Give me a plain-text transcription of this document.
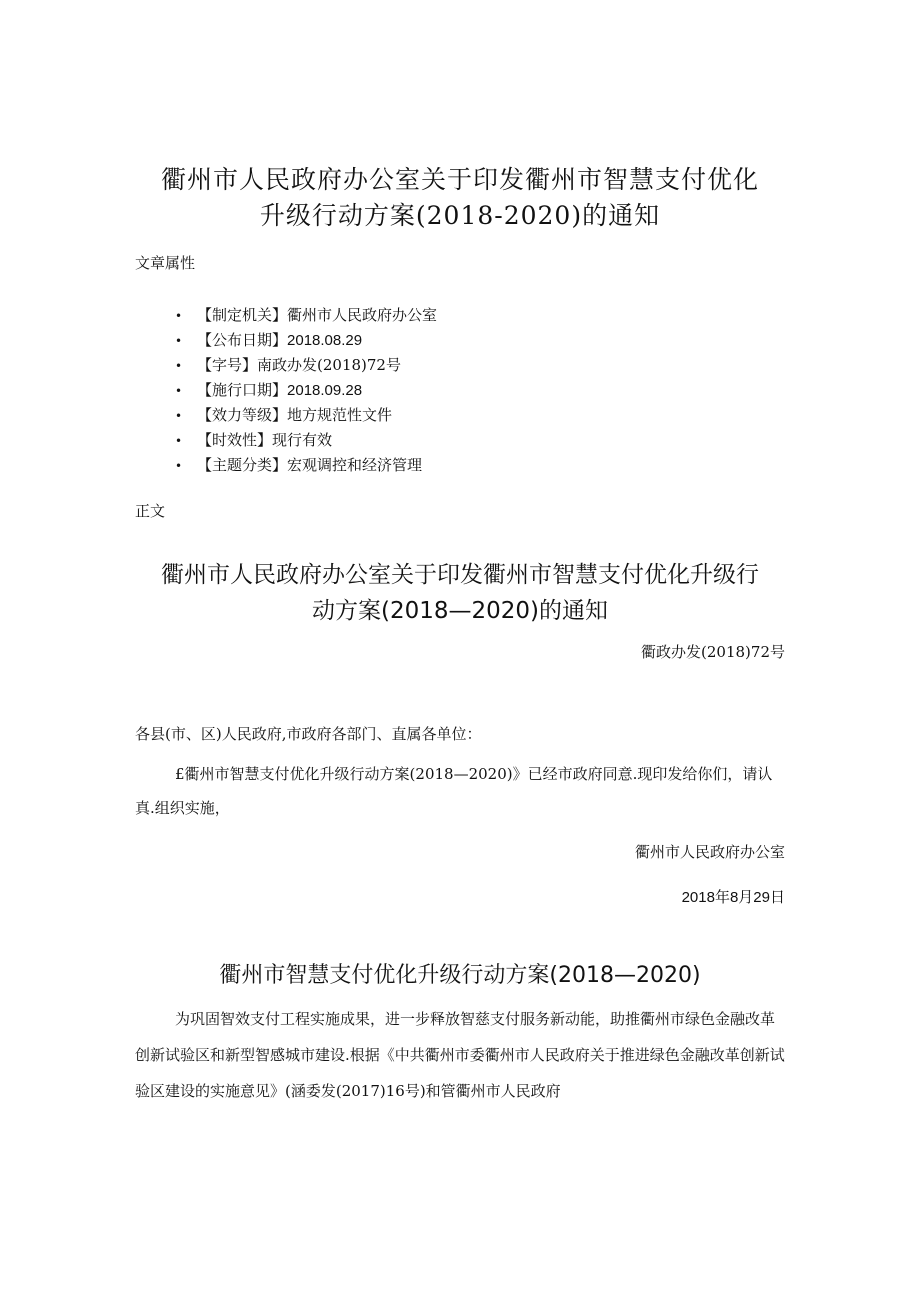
衢州市人民政府办公室关于印发衢州市智慧支付优化
升级行动方案(2018-2020)的通知

文章属性

• 【制定机关】衢州市人民政府办公室
• 【公布日期】2018.08.29
• 【字号】南政办发(2018)72号
• 【施行口期】2018.09.28
• 【效力等级】地方规范性文件
• 【时效性】现行有效
• 【主题分类】宏观调控和经济管理

正文

衢州市人民政府办公室关于印发衢州市智慧支付优化升级行
动方案(2018—2020)的通知
衢政办发(2018)72号

各县(市、区)人民政府,市政府各部门、直属各单位：

£衢州市智慧支付优化升级行动方案(2018—2020)》已经市政府同意.现印发给你们，请认真.组织实施，

衢州市人民政府办公室
2018年8月29日
衢州市智慧支付优化升级行动方案(2018—2020)

为巩固智效支付工程实施成果，进一步释放智慈支付服务新动能，助推衢州市绿色金融改革创新试验区和新型智感城市建设.根据《中共衢州市委衢州市人民政府关于推进绿色金融改革创新试验区建设的实施意见》(涵委发(2017)16号)和管衢州市人民政府
